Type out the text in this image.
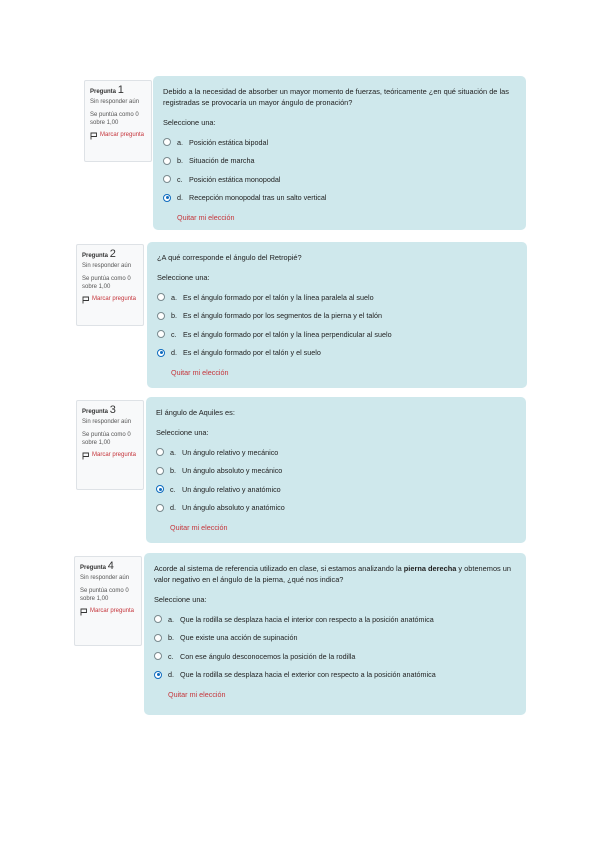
Pregunta 1
Sin responder aún
Se puntúa como 0 sobre 1,00
Marcar pregunta
Debido a la necesidad de absorber un mayor momento de fuerzas, teóricamente ¿en qué situación de las registradas se provocaría un mayor ángulo de pronación?
Seleccione una:
a. Posición estática bipodal
b. Situación de marcha
c. Posición estática monopodal
d. Recepción monopodal tras un salto vertical
Quitar mi elección
Pregunta 2
Sin responder aún
Se puntúa como 0 sobre 1,00
Marcar pregunta
¿A qué corresponde el ángulo del Retropié?
Seleccione una:
a. Es el ángulo formado por el talón y la línea paralela al suelo
b. Es el ángulo formado por los segmentos de la pierna y el talón
c. Es el ángulo formado por el talón y la línea perpendicular al suelo
d. Es el ángulo formado por el talón y el suelo
Quitar mi elección
Pregunta 3
Sin responder aún
Se puntúa como 0 sobre 1,00
Marcar pregunta
El ángulo de Aquiles es:
Seleccione una:
a. Un ángulo relativo y mecánico
b. Un ángulo absoluto y mecánico
c. Un ángulo relativo y anatómico
d. Un ángulo absoluto y anatómico
Quitar mi elección
Pregunta 4
Sin responder aún
Se puntúa como 0 sobre 1,00
Marcar pregunta
Acorde al sistema de referencia utilizado en clase, si estamos analizando la pierna derecha y obtenemos un valor negativo en el ángulo de la pierna, ¿qué nos indica?
Seleccione una:
a. Que la rodilla se desplaza hacia el interior con respecto a la posición anatómica
b. Que existe una acción de supinación
c. Con ese ángulo desconocemos la posición de la rodilla
d. Que la rodilla se desplaza hacia el exterior con respecto a la posición anatómica
Quitar mi elección
